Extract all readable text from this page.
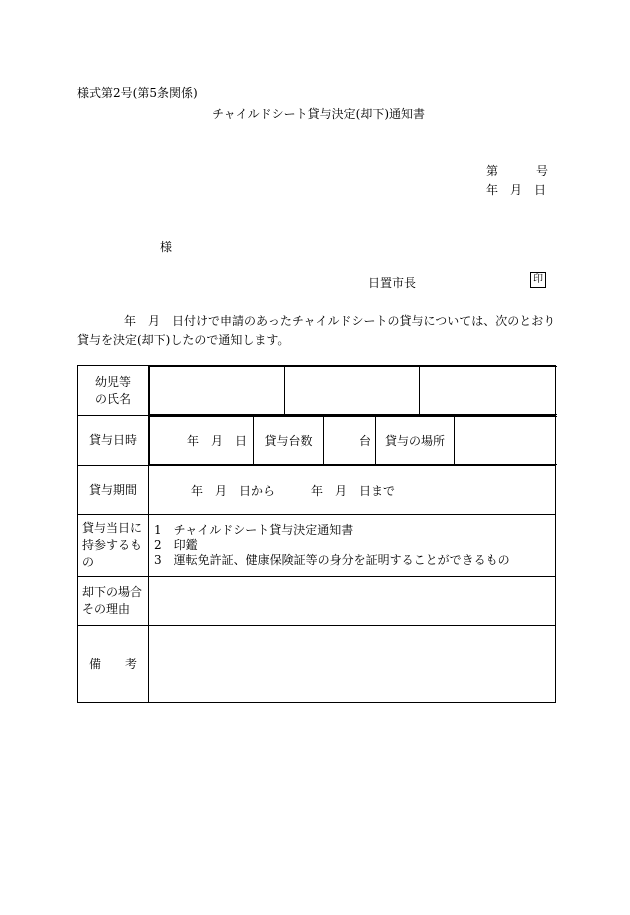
様式第2号(第5条関係)
チャイルドシート貸与決定(却下)通知書
第	号
年　月　日
様
日置市長	印
年　月　日付けで申請のあったチャイルドシートの貸与については、次のとおり
貸与を決定(却下)したので通知します。
幼児等
の氏名

貸与日時		年　月　日	貸与台数	台	貸与の場所	

貸与期間	年　月　日から　　　年　月　日まで

貸与当日に
持参するも
の

1　チャイルドシート貸与決定通知書
2　印鑑
3　運転免許証、健康保険証等の身分を証明することができるもの

却下の場合
その理由

備　　考	
